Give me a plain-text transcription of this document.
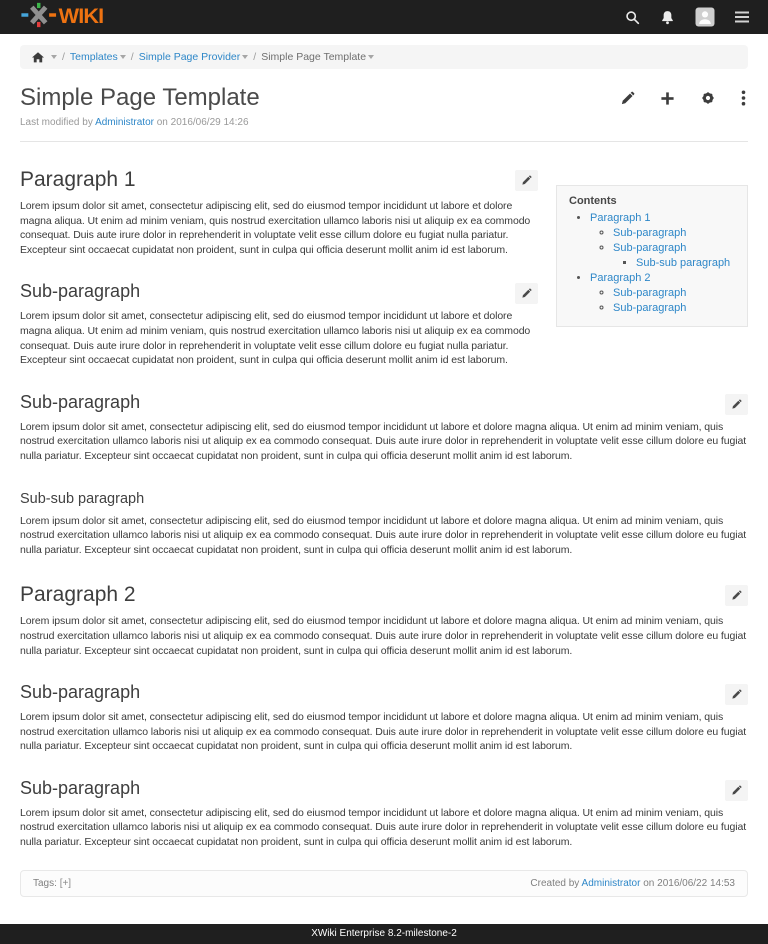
WIKI
/ Templates	/ Simple Page Provider	/ Simple Page Template
Simple Page Template

Last modified by Administrator on 2016/06/29 14:26

Contents
• Paragraph 1
◦ Sub-paragraph
◦ Sub-paragraph
▪ Sub-sub paragraph
• Paragraph 2
◦ Sub-paragraph
◦ Sub-paragraph
Paragraph 1

Lorem ipsum dolor sit amet, consectetur adipiscing elit, sed do eiusmod tempor incididunt ut labore et dolore magna aliqua. Ut enim ad minim veniam, quis nostrud exercitation ullamco laboris nisi ut aliquip ex ea commodo consequat. Duis aute irure dolor in reprehenderit in voluptate velit esse cillum dolore eu fugiat nulla pariatur. Excepteur sint occaecat cupidatat non proident, sunt in culpa qui officia deserunt mollit anim id est laborum.

Sub-paragraph

Lorem ipsum dolor sit amet, consectetur adipiscing elit, sed do eiusmod tempor incididunt ut labore et dolore magna aliqua. Ut enim ad minim veniam, quis nostrud exercitation ullamco laboris nisi ut aliquip ex ea commodo consequat. Duis aute irure dolor in reprehenderit in voluptate velit esse cillum dolore eu fugiat nulla pariatur. Excepteur sint occaecat cupidatat non proident, sunt in culpa qui officia deserunt mollit anim id est laborum.

Sub-paragraph

Lorem ipsum dolor sit amet, consectetur adipiscing elit, sed do eiusmod tempor incididunt ut labore et dolore magna aliqua. Ut enim ad minim veniam, quis nostrud exercitation ullamco laboris nisi ut aliquip ex ea commodo consequat. Duis aute irure dolor in reprehenderit in voluptate velit esse cillum dolore eu fugiat nulla pariatur. Excepteur sint occaecat cupidatat non proident, sunt in culpa qui officia deserunt mollit anim id est laborum.

Sub-sub paragraph

Lorem ipsum dolor sit amet, consectetur adipiscing elit, sed do eiusmod tempor incididunt ut labore et dolore magna aliqua. Ut enim ad minim veniam, quis nostrud exercitation ullamco laboris nisi ut aliquip ex ea commodo consequat. Duis aute irure dolor in reprehenderit in voluptate velit esse cillum dolore eu fugiat nulla pariatur. Excepteur sint occaecat cupidatat non proident, sunt in culpa qui officia deserunt mollit anim id est laborum.

Paragraph 2

Lorem ipsum dolor sit amet, consectetur adipiscing elit, sed do eiusmod tempor incididunt ut labore et dolore magna aliqua. Ut enim ad minim veniam, quis nostrud exercitation ullamco laboris nisi ut aliquip ex ea commodo consequat. Duis aute irure dolor in reprehenderit in voluptate velit esse cillum dolore eu fugiat nulla pariatur. Excepteur sint occaecat cupidatat non proident, sunt in culpa qui officia deserunt mollit anim id est laborum.

Sub-paragraph

Lorem ipsum dolor sit amet, consectetur adipiscing elit, sed do eiusmod tempor incididunt ut labore et dolore magna aliqua. Ut enim ad minim veniam, quis nostrud exercitation ullamco laboris nisi ut aliquip ex ea commodo consequat. Duis aute irure dolor in reprehenderit in voluptate velit esse cillum dolore eu fugiat nulla pariatur. Excepteur sint occaecat cupidatat non proident, sunt in culpa qui officia deserunt mollit anim id est laborum.

Sub-paragraph

Lorem ipsum dolor sit amet, consectetur adipiscing elit, sed do eiusmod tempor incididunt ut labore et dolore magna aliqua. Ut enim ad minim veniam, quis nostrud exercitation ullamco laboris nisi ut aliquip ex ea commodo consequat. Duis aute irure dolor in reprehenderit in voluptate velit esse cillum dolore eu fugiat nulla pariatur. Excepteur sint occaecat cupidatat non proident, sunt in culpa qui officia deserunt mollit anim id est laborum.

Tags: [+]	Created by Administrator on 2016/06/22 14:53
XWiki Enterprise 8.2-milestone-2
